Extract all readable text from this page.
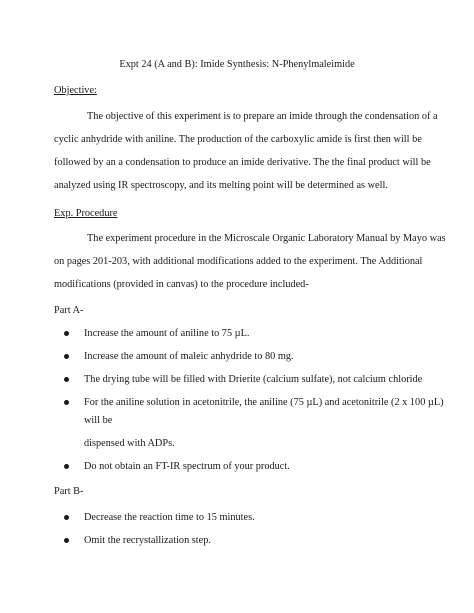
Expt 24 (A and B): Imide Synthesis: N-Phenylmaleimide
Objective:
The objective of this experiment is to prepare an imide through the condensation of a
cyclic anhydride with aniline. The production of the carboxylic amide is first then will be
followed by an a condensation to produce an imide derivative. The the final product will be
analyzed using IR spectroscopy, and its melting point will be determined as well.
Exp. Procedure
The experiment procedure in the Microscale Organic Laboratory Manual by Mayo was
on pages 201-203, with additional modifications added to the experiment. The Additional
modifications (provided in canvas) to the procedure included-
Part A-
Increase the amount of aniline to 75 µL.
Increase the amount of maleic anhydride to 80 mg.
The drying tube will be filled with Drierite (calcium sulfate), not calcium chloride
For the aniline solution in acetonitrile, the aniline (75 µL) and acetonitrile (2 x 100 µL)
will be
dispensed with ADPs.
Do not obtain an FT-IR spectrum of your product.
Part B-
Decrease the reaction time to 15 minutes.
Omit the recrystallization step.
